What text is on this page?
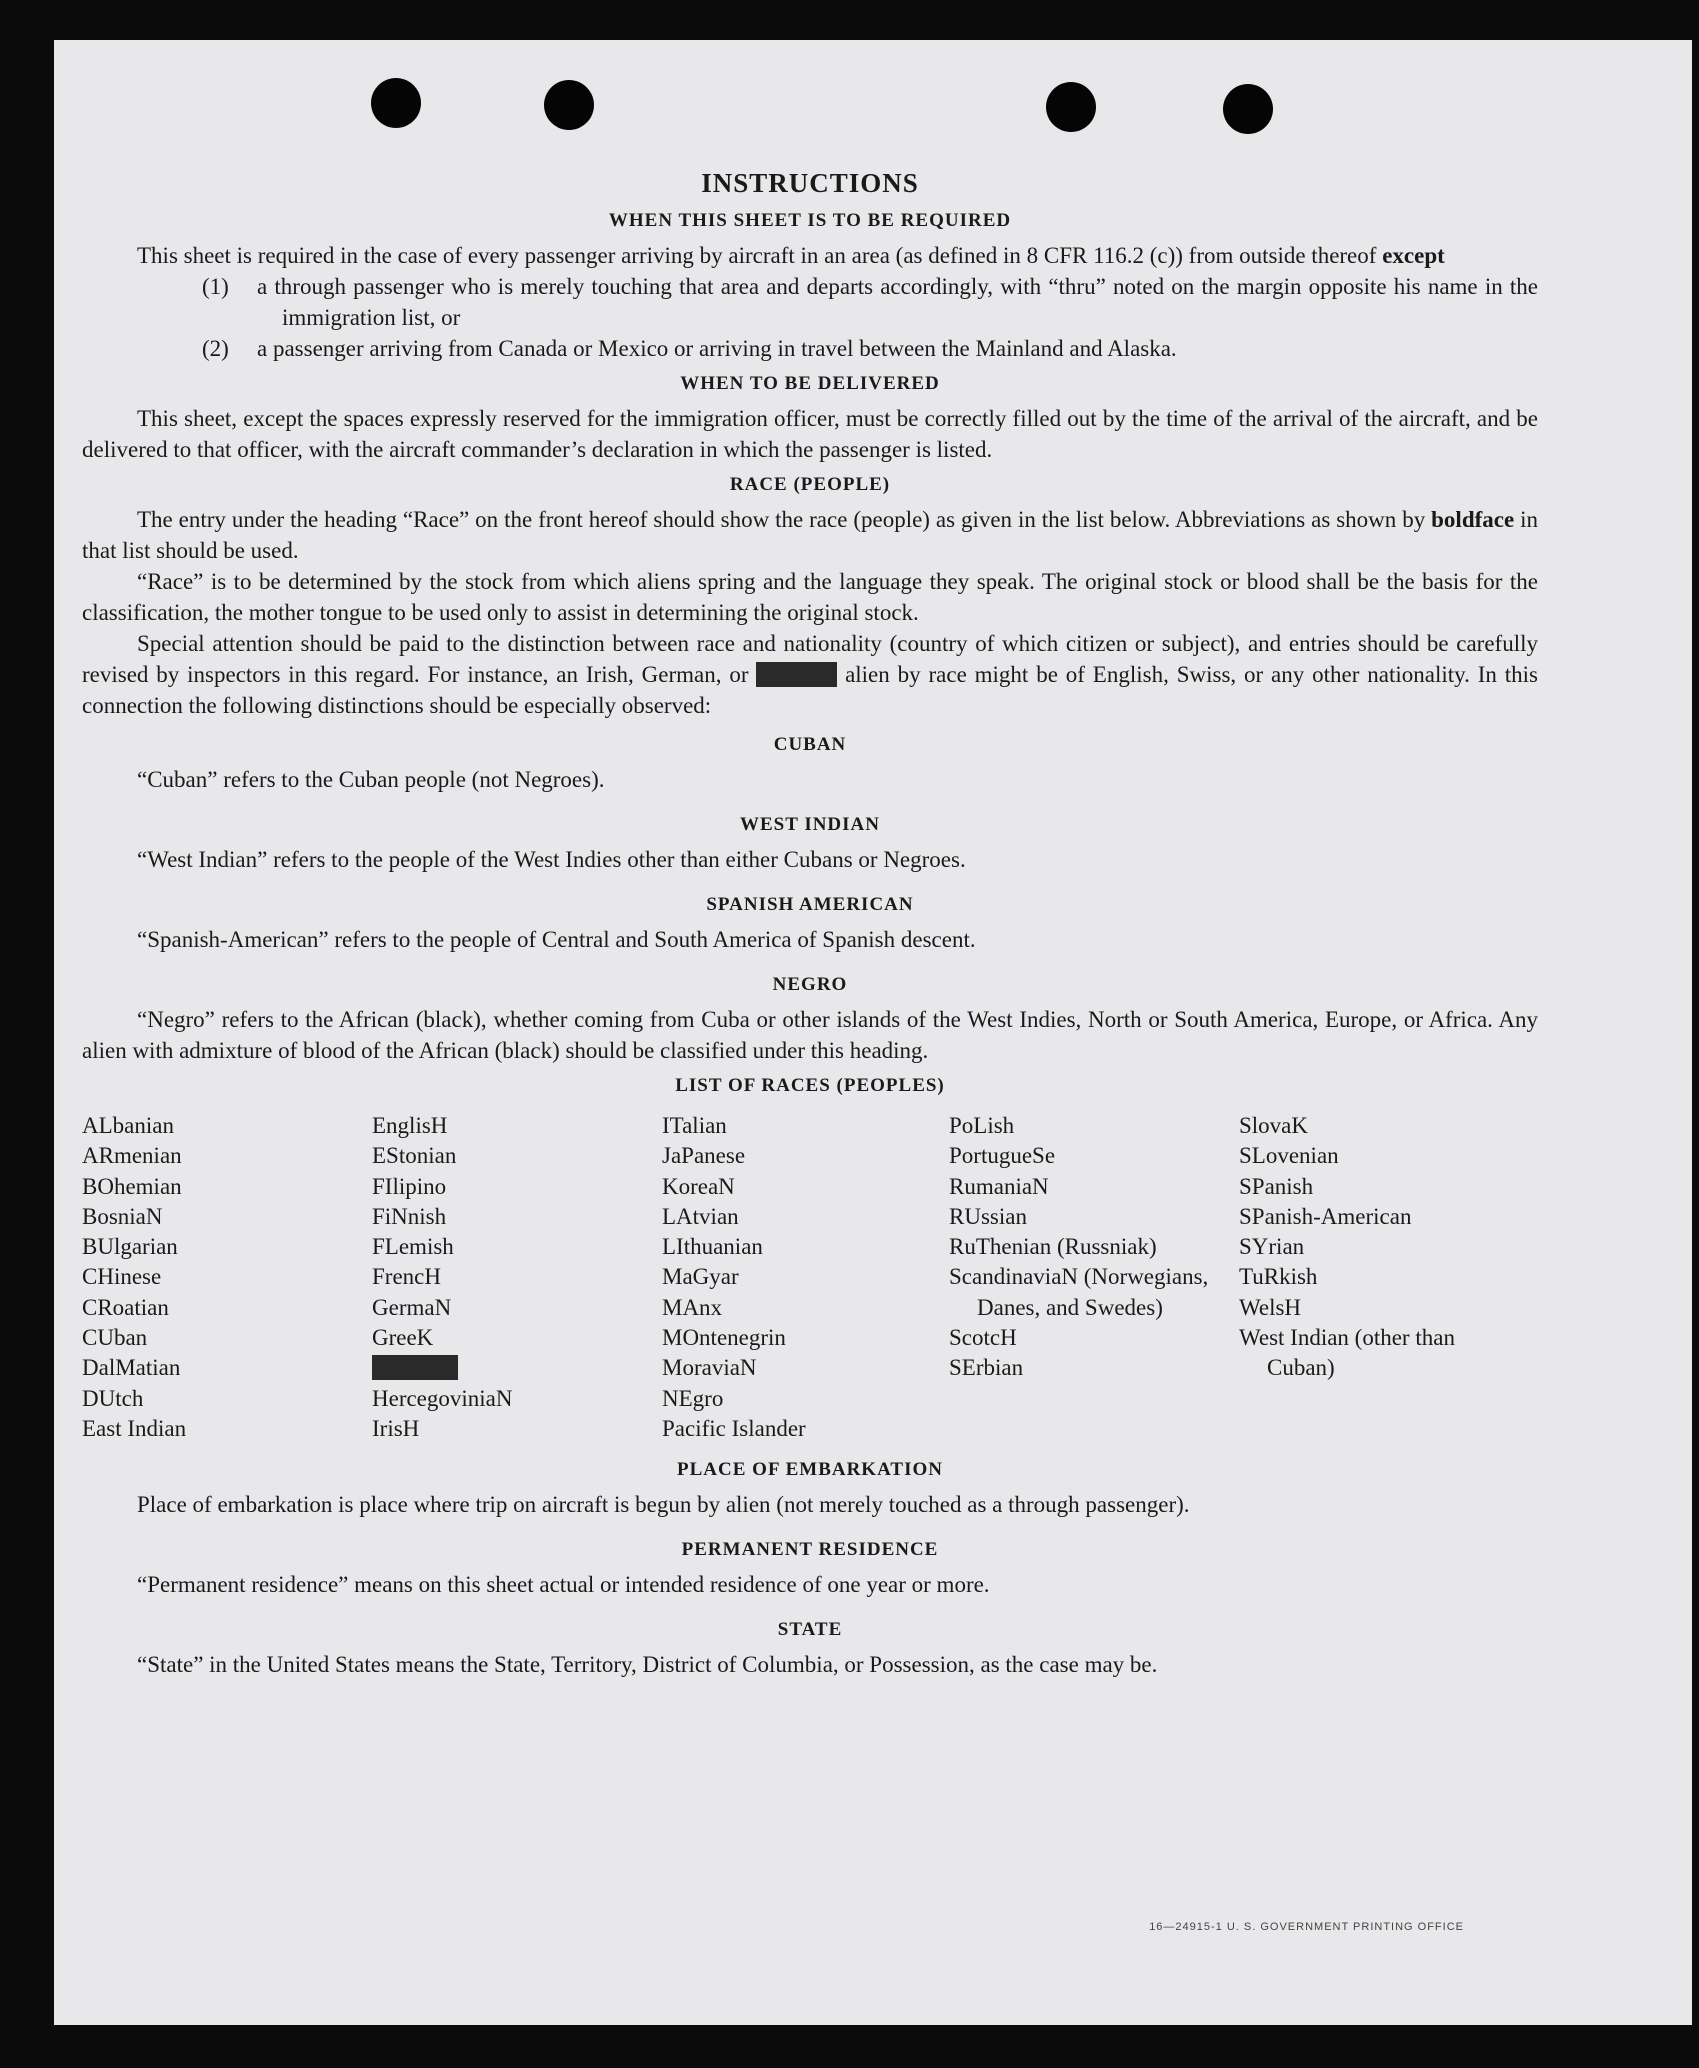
INSTRUCTIONS
WHEN THIS SHEET IS TO BE REQUIRED

This sheet is required in the case of every passenger arriving by aircraft in an area (as defined in 8 CFR 116.2 (c)) from outside thereof except

(1) a through passenger who is merely touching that area and departs accordingly, with “thru” noted on the margin opposite his name in the immigration list, or

(2) a passenger arriving from Canada or Mexico or arriving in travel between the Mainland and Alaska.

WHEN TO BE DELIVERED

This sheet, except the spaces expressly reserved for the immigration officer, must be correctly filled out by the time of the arrival of the aircraft, and be delivered to that officer, with the aircraft commander’s declaration in which the passenger is listed.

RACE (PEOPLE)

The entry under the heading “Race” on the front hereof should show the race (people) as given in the list below. Abbreviations as shown by boldface in that list should be used.

“Race” is to be determined by the stock from which aliens spring and the language they speak. The original stock or blood shall be the basis for the classification, the mother tongue to be used only to assist in determining the original stock.

Special attention should be paid to the distinction between race and nationality (country of which citizen or subject), and entries should be carefully revised by inspectors in this regard. For instance, an Irish, German, or Hebrew alien by race might be of English, Swiss, or any other nationality. In this connection the following distinctions should be especially observed:

CUBAN

“Cuban” refers to the Cuban people (not Negroes).

WEST INDIAN

“West Indian” refers to the people of the West Indies other than either Cubans or Negroes.

SPANISH AMERICAN

“Spanish-American” refers to the people of Central and South America of Spanish descent.

NEGRO

“Negro” refers to the African (black), whether coming from Cuba or other islands of the West Indies, North or South America, Europe, or Africa. Any alien with admixture of blood of the African (black) should be classified under this heading.

LIST OF RACES (PEOPLES)
ALbanian
ARmenian
BOhemian
BosniaN
BUlgarian
CHinese
CRoatian
CUban
DalMatian
DUtch
East Indian
EnglisH
EStonian
FIlipino
FiNnish
FLemish
FrencH
GermaN
GreeK
HebreW
HercegoviniaN
IrisH
ITalian
JaPanese
KoreaN
LAtvian
LIthuanian
MaGyar
MAnx
MOntenegrin
MoraviaN
NEgro
Pacific Islander
PoLish
PortugueSe
RumaniaN
RUssian
RuThenian (Russniak)
ScandinaviaN (Norwegians, Danes, and Swedes)
ScotcH
SErbian
SlovaK
SLovenian
SPanish
SPanish-American
SYrian
TuRkish
WelsH
West Indian (other than Cuban)
PLACE OF EMBARKATION

Place of embarkation is place where trip on aircraft is begun by alien (not merely touched as a through passenger).

PERMANENT RESIDENCE

“Permanent residence” means on this sheet actual or intended residence of one year or more.

STATE

“State” in the United States means the State, Territory, District of Columbia, or Possession, as the case may be.

16—24915-1 U. S. GOVERNMENT PRINTING OFFICE
